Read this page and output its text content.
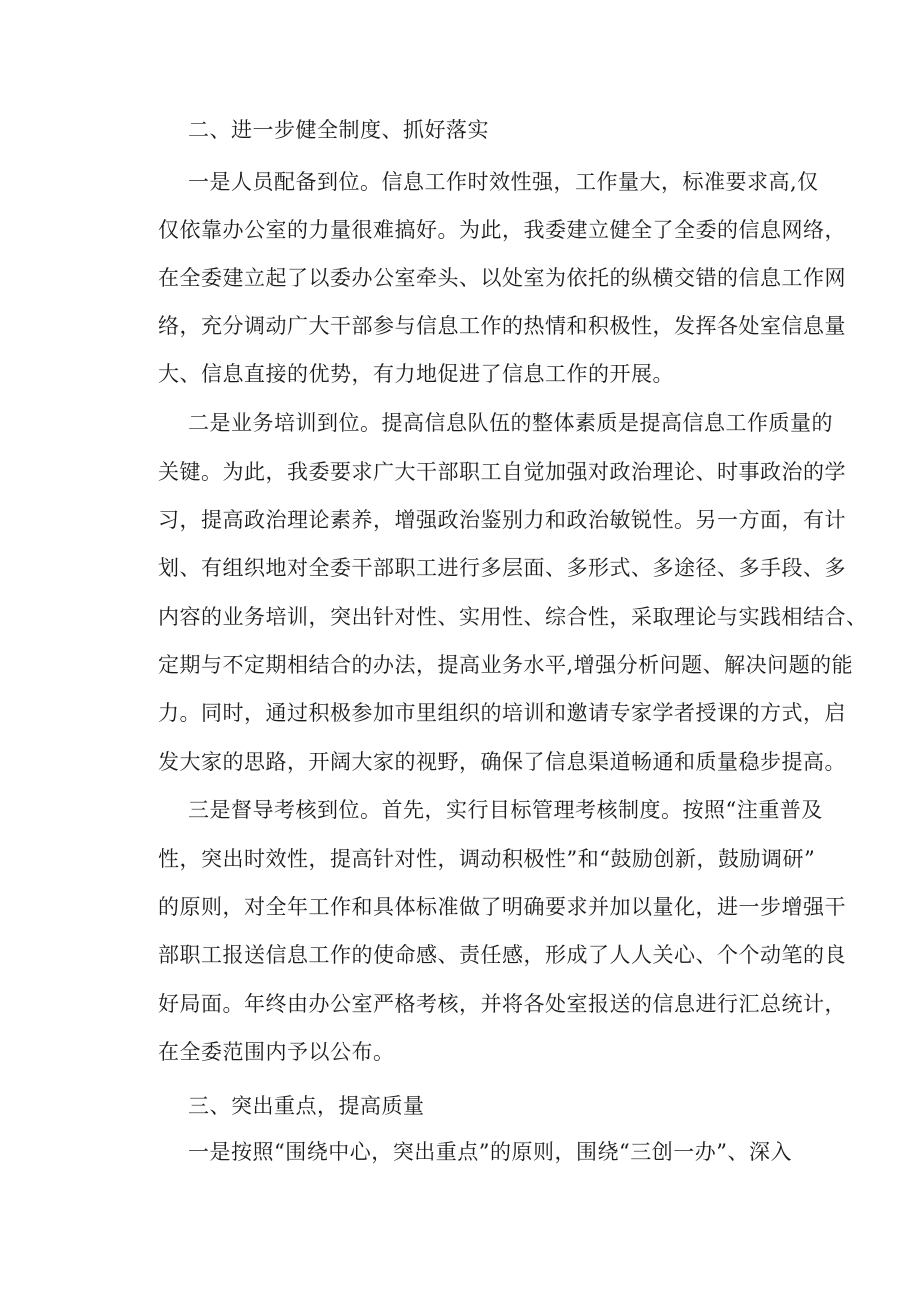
二、进一步健全制度、抓好落实
一是人员配备到位。信息工作时效性强，工作量大，标准要求高,仅
仅依靠办公室的力量很难搞好。为此，我委建立健全了全委的信息网络，
在全委建立起了以委办公室牵头、以处室为依托的纵横交错的信息工作网
络，充分调动广大干部参与信息工作的热情和积极性，发挥各处室信息量
大、信息直接的优势，有力地促进了信息工作的开展。
二是业务培训到位。提高信息队伍的整体素质是提高信息工作质量的
关键。为此，我委要求广大干部职工自觉加强对政治理论、时事政治的学
习，提高政治理论素养，增强政治鉴别力和政治敏锐性。另一方面，有计
划、有组织地对全委干部职工进行多层面、多形式、多途径、多手段、多
内容的业务培训，突出针对性、实用性、综合性，采取理论与实践相结合、
定期与不定期相结合的办法，提高业务水平,增强分析问题、解决问题的能
力。同时，通过积极参加市里组织的培训和邀请专家学者授课的方式，启
发大家的思路，开阔大家的视野，确保了信息渠道畅通和质量稳步提高。
三是督导考核到位。首先，实行目标管理考核制度。按照“注重普及
性，突出时效性，提高针对性，调动积极性”和“鼓励创新，鼓励调研”
的原则，对全年工作和具体标准做了明确要求并加以量化，进一步增强干
部职工报送信息工作的使命感、责任感，形成了人人关心、个个动笔的良
好局面。年终由办公室严格考核，并将各处室报送的信息进行汇总统计，
在全委范围内予以公布。
三、突出重点，提高质量
一是按照“围绕中心，突出重点”的原则，围绕“三创一办”、深入
